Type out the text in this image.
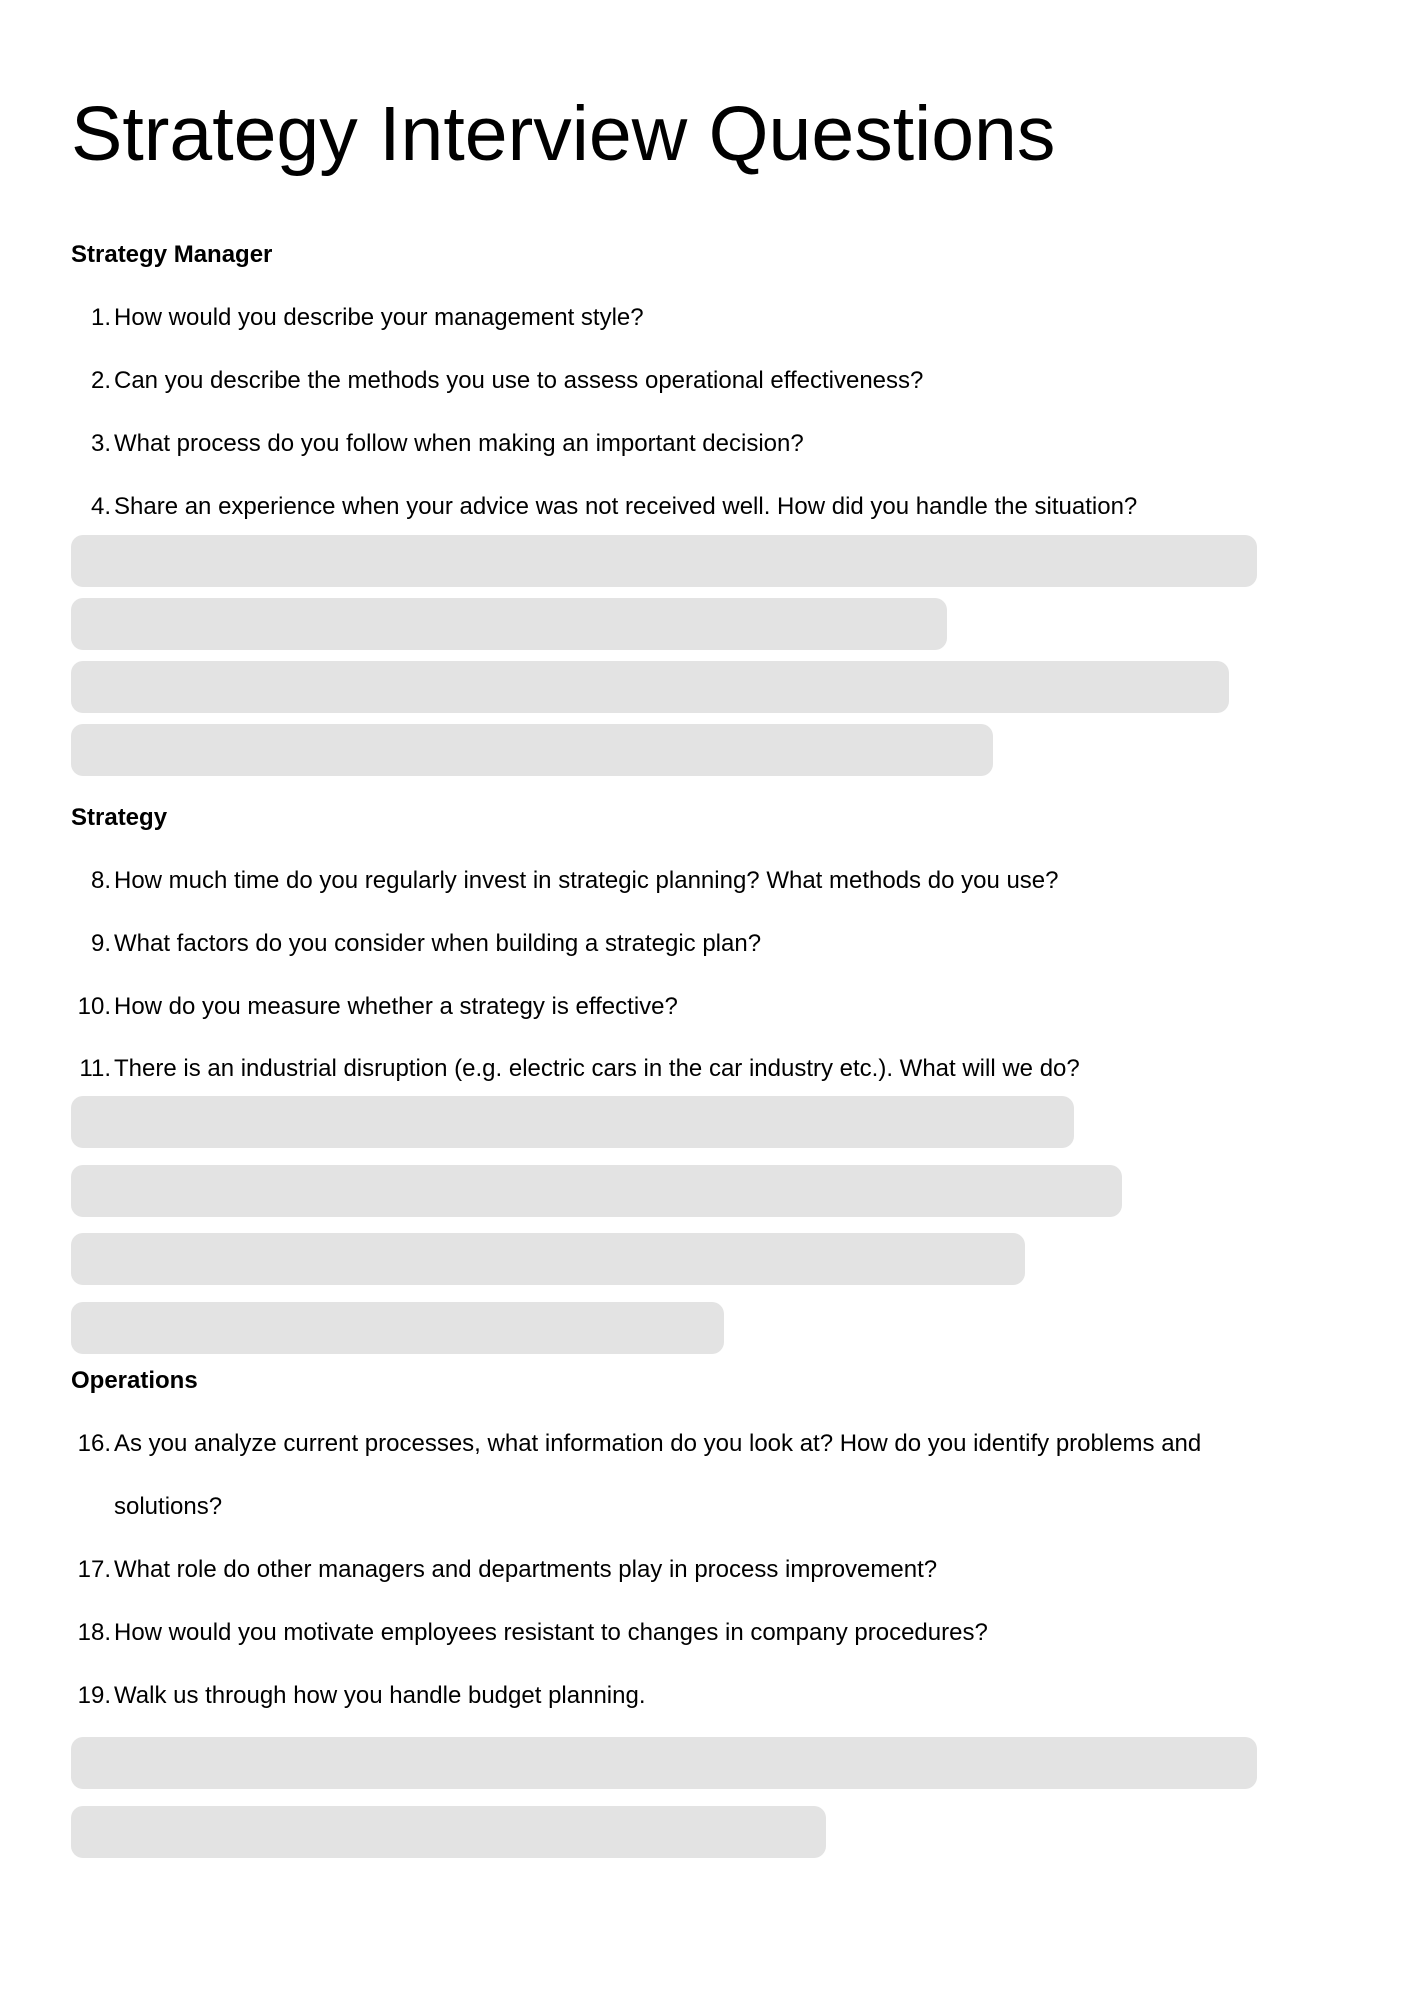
Strategy Interview Questions
Strategy Manager
1. How would you describe your management style?
2. Can you describe the methods you use to assess operational effectiveness?
3. What process do you follow when making an important decision?
4. Share an experience when your advice was not received well. How did you handle the situation?
Strategy
8. How much time do you regularly invest in strategic planning? What methods do you use?
9. What factors do you consider when building a strategic plan?
10. How do you measure whether a strategy is effective?
11. There is an industrial disruption (e.g. electric cars in the car industry etc.). What will we do?
Operations
16. As you analyze current processes, what information do you look at? How do you identify problems and
solutions?
17. What role do other managers and departments play in process improvement?
18. How would you motivate employees resistant to changes in company procedures?
19. Walk us through how you handle budget planning.
